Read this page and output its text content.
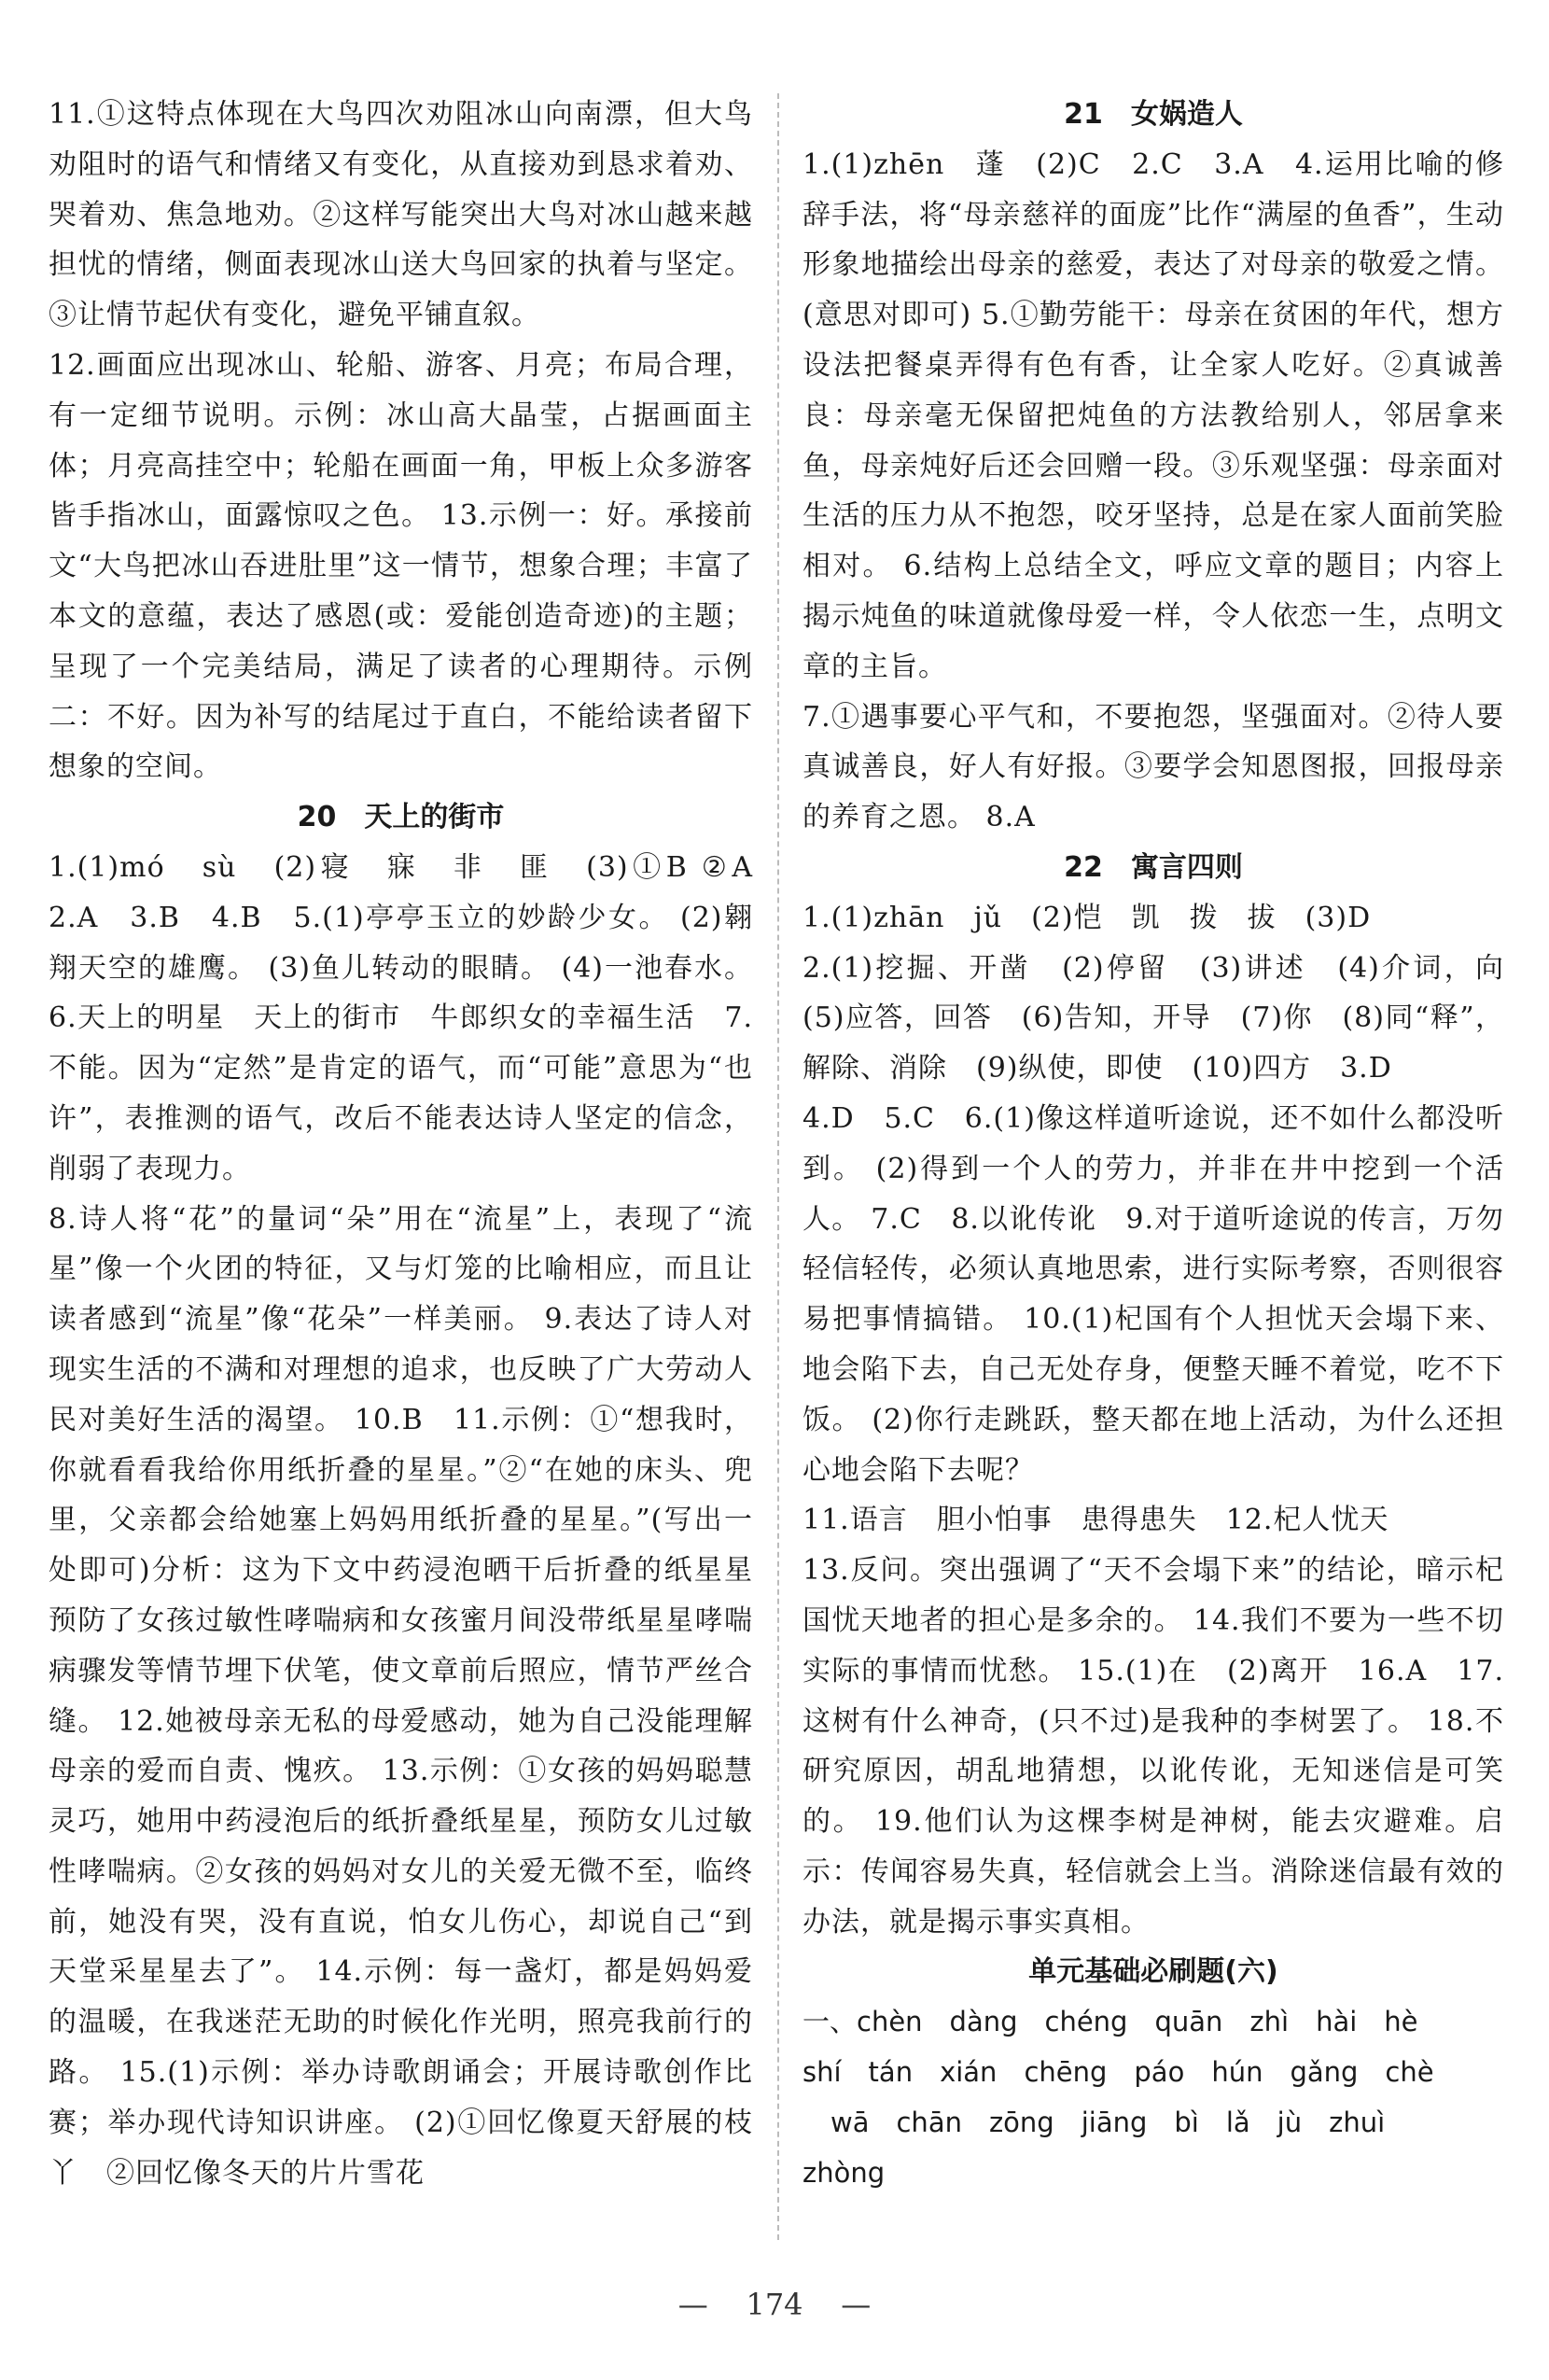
11.①这特点体现在大鸟四次劝阻冰山向南漂，但大鸟劝阻时的语气和情绪又有变化，从直接劝到恳求着劝、哭着劝、焦急地劝。②这样写能突出大鸟对冰山越来越担忧的情绪，侧面表现冰山送大鸟回家的执着与坚定。③让情节起伏有变化，避免平铺直叙。

12.画面应出现冰山、轮船、游客、月亮；布局合理，有一定细节说明。示例：冰山高大晶莹，占据画面主体；月亮高挂空中；轮船在画面一角，甲板上众多游客皆手指冰山，面露惊叹之色。 13.示例一：好。承接前文“大鸟把冰山吞进肚里”这一情节，想象合理；丰富了本文的意蕴，表达了感恩(或：爱能创造奇迹)的主题；呈现了一个完美结局，满足了读者的心理期待。示例二：不好。因为补写的结尾过于直白，不能给读者留下想象的空间。

20　天上的街市

1.(1)mó　sù　(2)寝　寐　非　匪　(3)①B ②A　2.A　3.B　4.B　5.(1)亭亭玉立的妙龄少女。 (2)翱翔天空的雄鹰。 (3)鱼儿转动的眼睛。 (4)一池春水。 6.天上的明星　天上的街市　牛郎织女的幸福生活　7.不能。因为“定然”是肯定的语气，而“可能”意思为“也许”，表推测的语气，改后不能表达诗人坚定的信念，削弱了表现力。

8.诗人将“花”的量词“朵”用在“流星”上，表现了“流星”像一个火团的特征，又与灯笼的比喻相应，而且让读者感到“流星”像“花朵”一样美丽。 9.表达了诗人对现实生活的不满和对理想的追求，也反映了广大劳动人民对美好生活的渴望。 10.B　11.示例：①“想我时，你就看看我给你用纸折叠的星星。”②“在她的床头、兜里，父亲都会给她塞上妈妈用纸折叠的星星。”(写出一处即可)分析：这为下文中药浸泡晒干后折叠的纸星星预防了女孩过敏性哮喘病和女孩蜜月间没带纸星星哮喘病骤发等情节埋下伏笔，使文章前后照应，情节严丝合缝。 12.她被母亲无私的母爱感动，她为自己没能理解母亲的爱而自责、愧疚。 13.示例：①女孩的妈妈聪慧灵巧，她用中药浸泡后的纸折叠纸星星，预防女儿过敏性哮喘病。②女孩的妈妈对女儿的关爱无微不至，临终前，她没有哭，没有直说，怕女儿伤心，却说自己“到天堂采星星去了”。 14.示例：每一盏灯，都是妈妈爱的温暖，在我迷茫无助的时候化作光明，照亮我前行的路。 15.(1)示例：举办诗歌朗诵会；开展诗歌创作比赛；举办现代诗知识讲座。 (2)①回忆像夏天舒展的枝丫　②回忆像冬天的片片雪花

21　女娲造人

1.(1)zhēn　蓬　(2)C　2.C　3.A　4.运用比喻的修辞手法，将“母亲慈祥的面庞”比作“满屋的鱼香”，生动形象地描绘出母亲的慈爱，表达了对母亲的敬爱之情。(意思对即可) 5.①勤劳能干：母亲在贫困的年代，想方设法把餐桌弄得有色有香，让全家人吃好。②真诚善良：母亲毫无保留把炖鱼的方法教给别人，邻居拿来鱼，母亲炖好后还会回赠一段。③乐观坚强：母亲面对生活的压力从不抱怨，咬牙坚持，总是在家人面前笑脸相对。 6.结构上总结全文，呼应文章的题目；内容上揭示炖鱼的味道就像母爱一样，令人依恋一生，点明文章的主旨。

7.①遇事要心平气和，不要抱怨，坚强面对。②待人要真诚善良，好人有好报。③要学会知恩图报，回报母亲的养育之恩。 8.A

22　寓言四则

1.(1)zhān　jǔ　(2)恺　凯　拨　拔　(3)D

2.(1)挖掘、开凿　(2)停留　(3)讲述　(4)介词，向　(5)应答，回答　(6)告知，开导　(7)你　(8)同“释”，解除、消除　(9)纵使，即使　(10)四方　3.D

4.D　5.C　6.(1)像这样道听途说，还不如什么都没听到。 (2)得到一个人的劳力，并非在井中挖到一个活人。 7.C　8.以讹传讹　9.对于道听途说的传言，万勿轻信轻传，必须认真地思索，进行实际考察，否则很容易把事情搞错。 10.(1)杞国有个人担忧天会塌下来、地会陷下去，自己无处存身，便整天睡不着觉，吃不下饭。 (2)你行走跳跃，整天都在地上活动，为什么还担心地会陷下去呢？

11.语言　胆小怕事　患得患失　12.杞人忧天

13.反问。突出强调了“天不会塌下来”的结论，暗示杞国忧天地者的担心是多余的。 14.我们不要为一些不切实际的事情而忧愁。 15.(1)在　(2)离开　16.A　17.这树有什么神奇，(只不过)是我种的李树罢了。 18.不研究原因，胡乱地猜想，以讹传讹，无知迷信是可笑的。 19.他们认为这棵李树是神树，能去灾避难。启示：传闻容易失真，轻信就会上当。消除迷信最有效的办法，就是揭示事实真相。

单元基础必刷题(六)

一、chèn　dàng　chéng　quān　zhì　hài　hè

shí　tán　xián　chēng　páo　hún　gǎng　chè

wā　chān　zōng　jiāng　bì　lǎ　jù　zhuì

zhòng

— 174 —
